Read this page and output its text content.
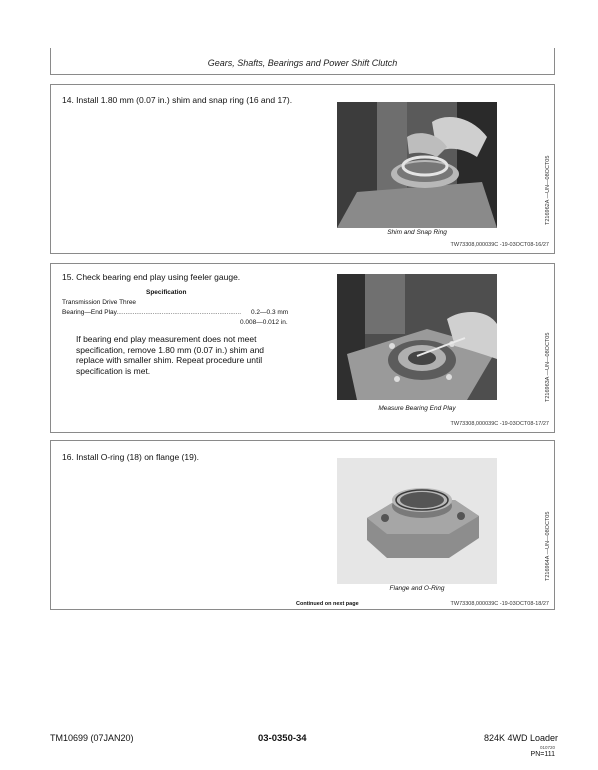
Gears, Shafts, Bearings and Power Shift Clutch
14. Install 1.80 mm (0.07 in.) shim and snap ring (16 and 17).
Shim and Snap Ring
T216962A —UN—08OCT05
TW73308,000039C -19-03OCT08-16/27
15. Check bearing end play using feeler gauge.
Specification
Transmission Drive Three
Bearing—End Play..................................................................... 0.2—0.3 mm
0.008—0.012 in.
If bearing end play measurement does not meet specification, remove 1.80 mm (0.07 in.) shim and replace with smaller shim. Repeat procedure until specification is met.
Measure Bearing End Play
T216963A —UN—08OCT05
TW73308,000039C -19-03OCT08-17/27
16. Install O-ring (18) on flange (19).
Flange and O-Ring
T216964A —UN—08OCT05
Continued on next page	TW73308,000039C -19-03OCT08-18/27
TM10699 (07JAN20)	03-0350-34	824K 4WD Loader
010720
PN=111
